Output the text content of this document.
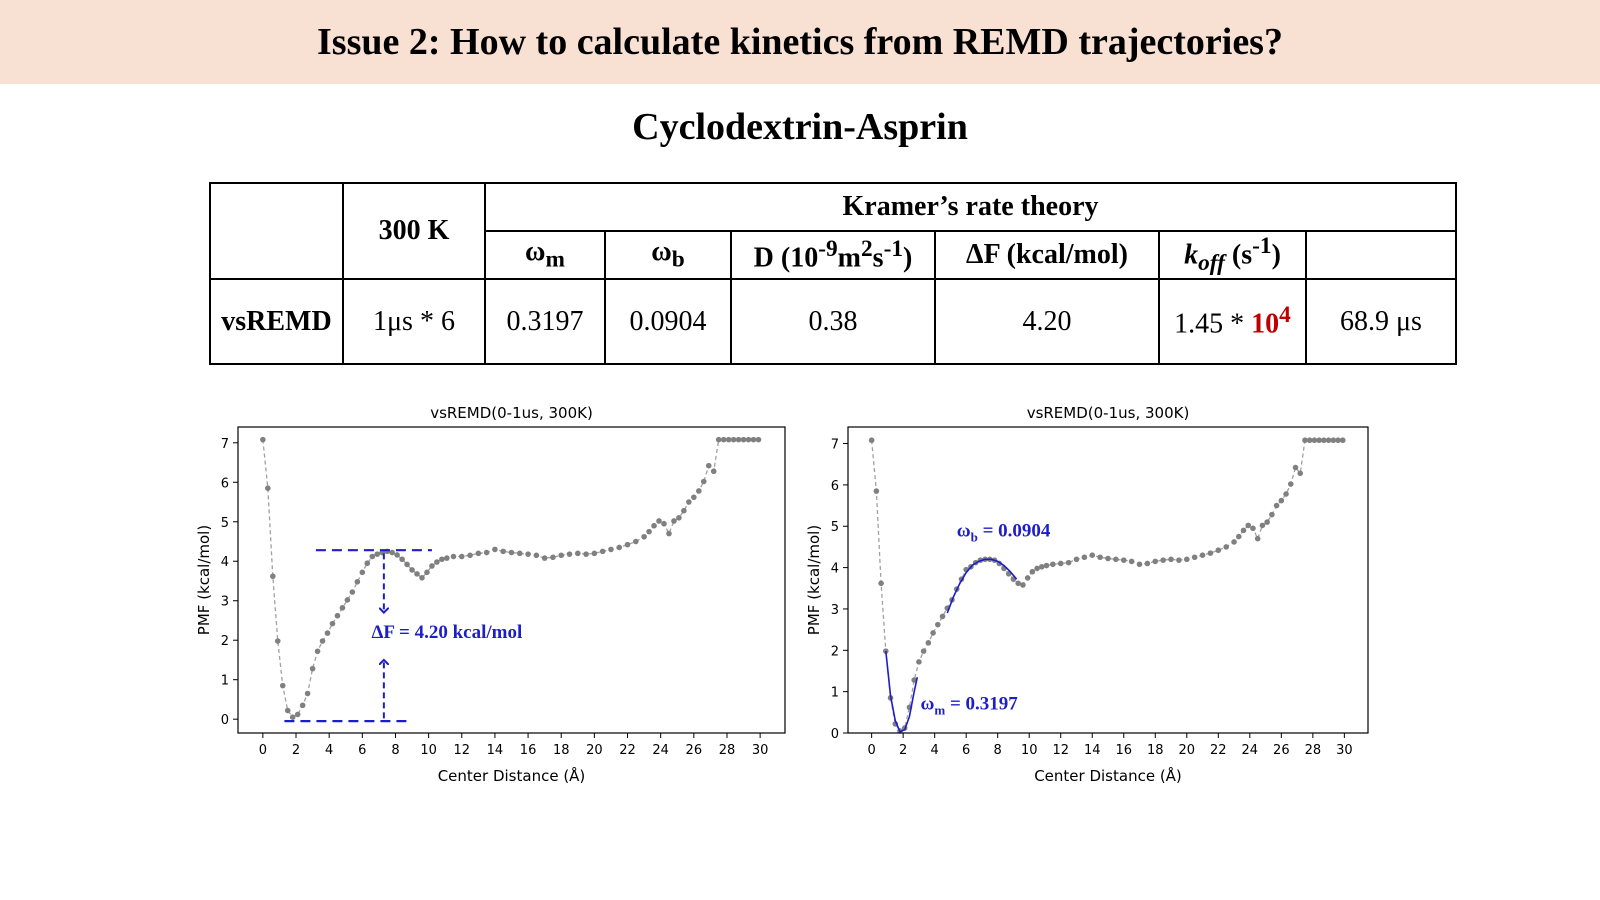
Issue 2: How to calculate kinetics from REMD trajectories?
Cyclodextrin-Asprin
	300 K	Kramer’s rate theory					
		$\omega_m$	$\omega_b$	D $(10^{-9}m^2s^{-1})$	ΔF (kcal/mol)	$k_{off}$ $(s^{-1})$	
vsREMD	1μs * 6	0.3197	0.0904	0.38	4.20	$1.45 * 10^4$	68.9 μs
vsREMD(0-1us, 300K)
Center Distance (Å)
PMF (kcal/mol)
0 2 4 6 8 10 12 14 16 18 20 22 24 26 28 30
0
1
2
3
4
5
6
7
ΔF = 4.20 kcal/mol
vsREMD(0-1us, 300K)
Center Distance (Å)
PMF (kcal/mol)
0 2 4 6 8 10 12 14 16 18 20 22 24 26 28 30
0
1
2
3
4
5
6
7
$\omega_b = 0.0904$
$\omega_m = 0.3197$
